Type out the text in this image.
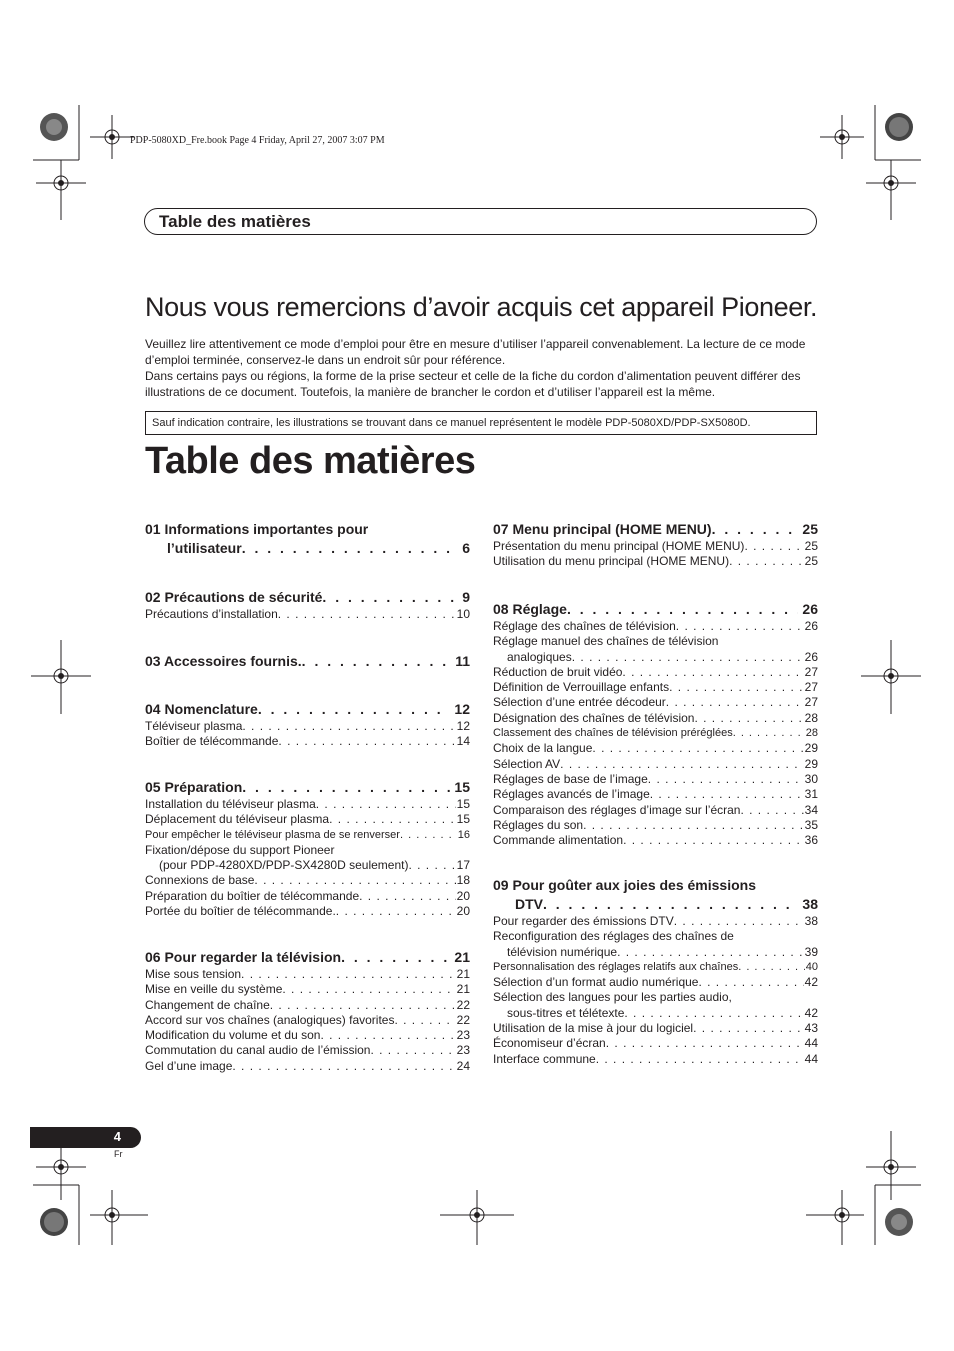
PDP-5080XD_Fre.book Page 4 Friday, April 27, 2007 3:07 PM
Table des matières
Nous vous remercions d’avoir acquis cet appareil Pioneer.

Veuillez lire attentivement ce mode d’emploi pour être en mesure d’utiliser l’appareil convenablement. La lecture de ce mode d’emploi terminée, conservez-le dans un endroit sûr pour référence.

Dans certains pays ou régions, la forme de la prise secteur et celle de la fiche du cordon d’alimentation peuvent différer des illustrations de ce document. Toutefois, la manière de brancher le cordon et d’utiliser l’appareil est la même.

Sauf indication contraire, les illustrations se trouvant dans ce manuel représentent le modèle PDP-5080XD/PDP-SX5080D.
Table des matières
01 Informations importantes pour
l’utilisateur . . .	6
02 Précautions de sécurité . . .	9
Précautions d’installation . . .	10
03 Accessoires fournis. . . .	11
04 Nomenclature . . .	12
Téléviseur plasma . . .	12
Boîtier de télécommande . . .	14
05 Préparation . . .	15
Installation du téléviseur plasma . . .	15
Déplacement du téléviseur plasma . . .	15
Pour empêcher le téléviseur plasma de se renverser . . .	16
Fixation/dépose du support Pioneer
(pour PDP-4280XD/PDP-SX4280D seulement) . . .	17
Connexions de base . . .	18
Préparation du boîtier de télécommande . . .	20
Portée du boîtier de télécommande. . . .	20
06 Pour regarder la télévision . . .	21
Mise sous tension . . .	21
Mise en veille du système . . .	21
Changement de chaîne . . .	22
Accord sur vos chaînes (analogiques) favorites . . .	22
Modification du volume et du son . . .	23
Commutation du canal audio de l’émission . . .	23
Gel d’une image . . .	24
07 Menu principal (HOME MENU) . . .	25
Présentation du menu principal (HOME MENU) . . .	25
Utilisation du menu principal (HOME MENU) . . .	25
08 Réglage . . .	26
Réglage des chaînes de télévision . . .	26
Réglage manuel des chaînes de télévision
analogiques . . .	26
Réduction de bruit vidéo . . .	27
Définition de Verrouillage enfants . . .	27
Sélection d’une entrée décodeur . . .	27
Désignation des chaînes de télévision . . .	28
Classement des chaînes de télévision préréglées . . .	28
Choix de la langue . . .	29
Sélection AV . . .	29
Réglages de base de l’image . . .	30
Réglages avancés de l’image . . .	31
Comparaison des réglages d’image sur l’écran . . .	34
Réglages du son . . .	35
Commande alimentation . . .	36
09 Pour goûter aux joies des émissions
DTV . . .	38
Pour regarder des émissions DTV . . .	38
Reconfiguration des réglages des chaînes de
télévision numérique . . .	39
Personnalisation des réglages relatifs aux chaînes . . .	40
Sélection d’un format audio numérique . . .	42
Sélection des langues pour les parties audio,
sous-titres et télétexte . . .	42
Utilisation de la mise à jour du logiciel . . .	43
Économiseur d’écran . . .	44
Interface commune . . .	44
4
Fr
